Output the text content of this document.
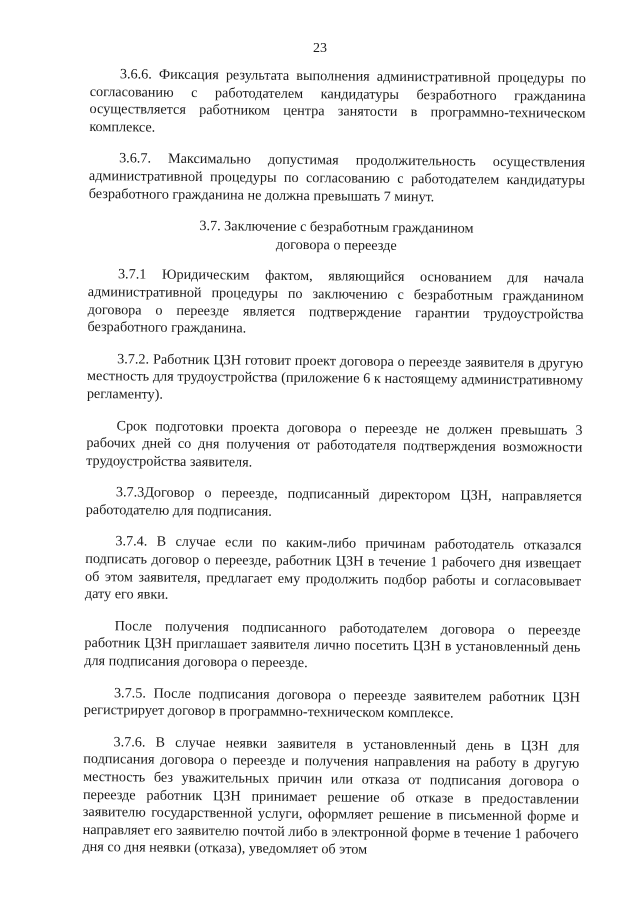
23

3.6.6. Фиксация результата выполнения административной процедуры по согласованию с работодателем кандидатуры безработного гражданина осуществляется работником центра занятости в программно-техническом комплексе.

3.6.7. Максимально допустимая продолжительность осуществления административной процедуры по согласованию с работодателем кандидатуры безработного гражданина не должна превышать 7 минут.

3.7. Заключение с безработным гражданином
договора о переезде

3.7.1 Юридическим фактом, являющийся основанием для начала административной процедуры по заключению с безработным гражданином договора о переезде является подтверждение гарантии трудоустройства безработного гражданина.

3.7.2. Работник ЦЗН готовит проект договора о переезде заявителя в другую местность для трудоустройства (приложение 6 к настоящему административному регламенту).

Срок подготовки проекта договора о переезде не должен превышать 3 рабочих дней со дня получения от работодателя подтверждения возможности трудоустройства заявителя.

3.7.3Договор о переезде, подписанный директором ЦЗН, направляется работодателю для подписания.

3.7.4. В случае если по каким-либо причинам работодатель отказался подписать договор о переезде, работник ЦЗН в течение 1 рабочего дня извещает об этом заявителя, предлагает ему продолжить подбор работы и согласовывает дату его явки.

После получения подписанного работодателем договора о переезде работник ЦЗН приглашает заявителя лично посетить ЦЗН в установленный день для подписания договора о переезде.

3.7.5. После подписания договора о переезде заявителем работник ЦЗН регистрирует договор в программно-техническом комплексе.

3.7.6. В случае неявки заявителя в установленный день в ЦЗН для подписания договора о переезде и получения направления на работу в другую местность без уважительных причин или отказа от подписания договора о переезде работник ЦЗН принимает решение об отказе в предоставлении заявителю государственной услуги, оформляет решение в письменной форме и направляет его заявителю почтой либо в электронной форме в течение 1 рабочего дня со дня неявки (отказа), уведомляет об этом
